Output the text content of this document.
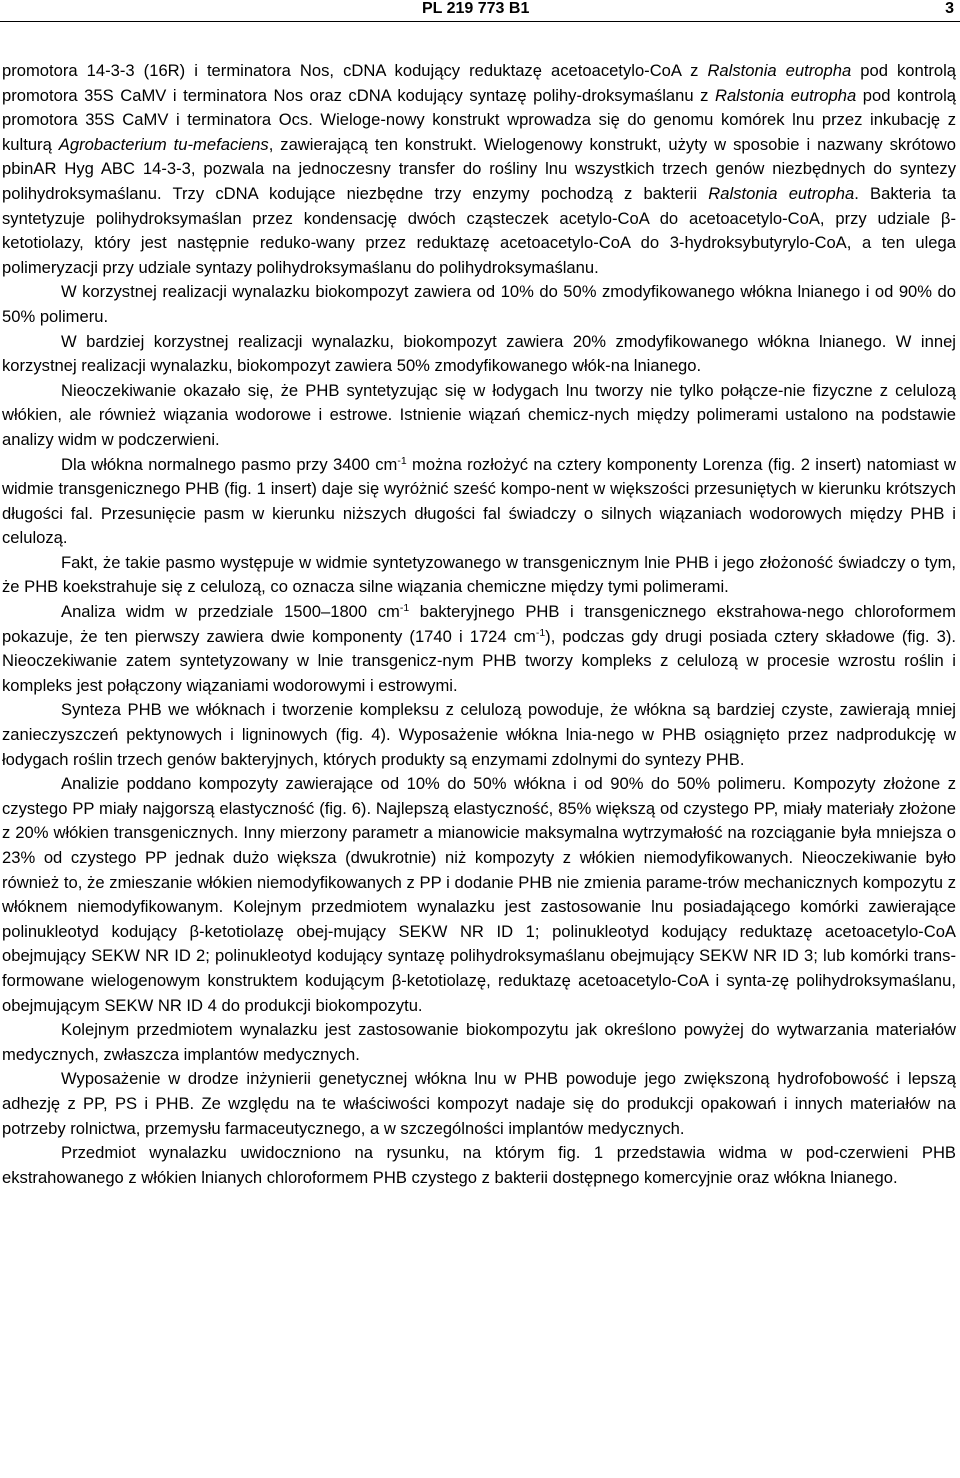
PL 219 773 B1	3

promotora 14-3-3 (16R) i terminatora Nos, cDNA kodujący reduktazę acetoacetylo-CoA z Ralstonia eutropha pod kontrolą promotora 35S CaMV i terminatora Nos oraz cDNA kodujący syntazę polihy-droksymaślanu z Ralstonia eutropha pod kontrolą promotora 35S CaMV i terminatora Ocs. Wieloge-nowy konstrukt wprowadza się do genomu komórek lnu przez inkubację z kulturą Agrobacterium tu-mefaciens, zawierającą ten konstrukt. Wielogenowy konstrukt, użyty w sposobie i nazwany skrótowo pbinAR Hyg ABC 14-3-3, pozwala na jednoczesny transfer do rośliny lnu wszystkich trzech genów niezbędnych do syntezy polihydroksymaślanu. Trzy cDNA kodujące niezbędne trzy enzymy pochodzą z bakterii Ralstonia eutropha. Bakteria ta syntetyzuje polihydroksymaślan przez kondensację dwóch cząsteczek acetylo-CoA do acetoacetylo-CoA, przy udziale β-ketotiolazy, który jest następnie reduko-wany przez reduktazę acetoacetylo-CoA do 3-hydroksybutyrylo-CoA, a ten ulega polimeryzacji przy udziale syntazy polihydroksymaślanu do polihydroksymaślanu.

W korzystnej realizacji wynalazku biokompozyt zawiera od 10% do 50% zmodyfikowanego włókna lnianego i od 90% do 50% polimeru.

W bardziej korzystnej realizacji wynalazku, biokompozyt zawiera 20% zmodyfikowanego włókna lnianego. W innej korzystnej realizacji wynalazku, biokompozyt zawiera 50% zmodyfikowanego włók-na lnianego.

Nieoczekiwanie okazało się, że PHB syntetyzując się w łodygach lnu tworzy nie tylko połącze-nie fizyczne z celulozą włókien, ale również wiązania wodorowe i estrowe. Istnienie wiązań chemicz-nych między polimerami ustalono na podstawie analizy widm w podczerwieni.

Dla włókna normalnego pasmo przy 3400 $cm^{-1}$ można rozłożyć na cztery komponenty Lorenza (fig. 2 insert) natomiast w widmie transgenicznego PHB (fig. 1 insert) daje się wyróżnić sześć kompo-nent w większości przesuniętych w kierunku krótszych długości fal. Przesunięcie pasm w kierunku niższych długości fal świadczy o silnych wiązaniach wodorowych między PHB i celulozą.

Fakt, że takie pasmo występuje w widmie syntetyzowanego w transgenicznym lnie PHB i jego złożoność świadczy o tym, że PHB koekstrahuje się z celulozą, co oznacza silne wiązania chemiczne między tymi polimerami.

Analiza widm w przedziale 1500–1800 $cm^{-1}$ bakteryjnego PHB i transgenicznego ekstrahowa-nego chloroformem pokazuje, że ten pierwszy zawiera dwie komponenty (1740 i 1724 $cm^{-1}$), podczas gdy drugi posiada cztery składowe (fig. 3). Nieoczekiwanie zatem syntetyzowany w lnie transgenicz-nym PHB tworzy kompleks z celulozą w procesie wzrostu roślin i kompleks jest połączony wiązaniami wodorowymi i estrowymi.

Synteza PHB we włóknach i tworzenie kompleksu z celulozą powoduje, że włókna są bardziej czyste, zawierają mniej zanieczyszczeń pektynowych i ligninowych (fig. 4). Wyposażenie włókna lnia-nego w PHB osiągnięto przez nadprodukcję w łodygach roślin trzech genów bakteryjnych, których produkty są enzymami zdolnymi do syntezy PHB.

Analizie poddano kompozyty zawierające od 10% do 50% włókna i od 90% do 50% polimeru. Kompozyty złożone z czystego PP miały najgorszą elastyczność (fig. 6). Najlepszą elastyczność, 85% większą od czystego PP, miały materiały złożone z 20% włókien transgenicznych. Inny mierzony parametr a mianowicie maksymalna wytrzymałość na rozciąganie była mniejsza o 23% od czystego PP jednak dużo większa (dwukrotnie) niż kompozyty z włókien niemodyfikowanych. Nieoczekiwanie było również to, że zmieszanie włókien niemodyfikowanych z PP i dodanie PHB nie zmienia parame-trów mechanicznych kompozytu z włóknem niemodyfikowanym. Kolejnym przedmiotem wynalazku jest zastosowanie lnu posiadającego komórki zawierające polinukleotyd kodujący β-ketotiolazę obej-mujący SEKW NR ID 1; polinukleotyd kodujący reduktazę acetoacetylo-CoA obejmujący SEKW NR ID 2; polinukleotyd kodujący syntazę polihydroksymaślanu obejmujący SEKW NR ID 3; lub komórki trans-formowane wielogenowym konstruktem kodującym β-ketotiolazę, reduktazę acetoacetylo-CoA i synta-zę polihydroksymaślanu, obejmującym SEKW NR ID 4 do produkcji biokompozytu.

Kolejnym przedmiotem wynalazku jest zastosowanie biokompozytu jak określono powyżej do wytwarzania materiałów medycznych, zwłaszcza implantów medycznych.

Wyposażenie w drodze inżynierii genetycznej włókna lnu w PHB powoduje jego zwiększoną hydrofobowość i lepszą adhezję z PP, PS i PHB. Ze względu na te właściwości kompozyt nadaje się do produkcji opakowań i innych materiałów na potrzeby rolnictwa, przemysłu farmaceutycznego, a w szczególności implantów medycznych.

Przedmiot wynalazku uwidoczniono na rysunku, na którym fig. 1 przedstawia widma w pod-czerwieni PHB ekstrahowanego z włókien lnianych chloroformem PHB czystego z bakterii dostępnego komercyjnie oraz włókna lnianego.
